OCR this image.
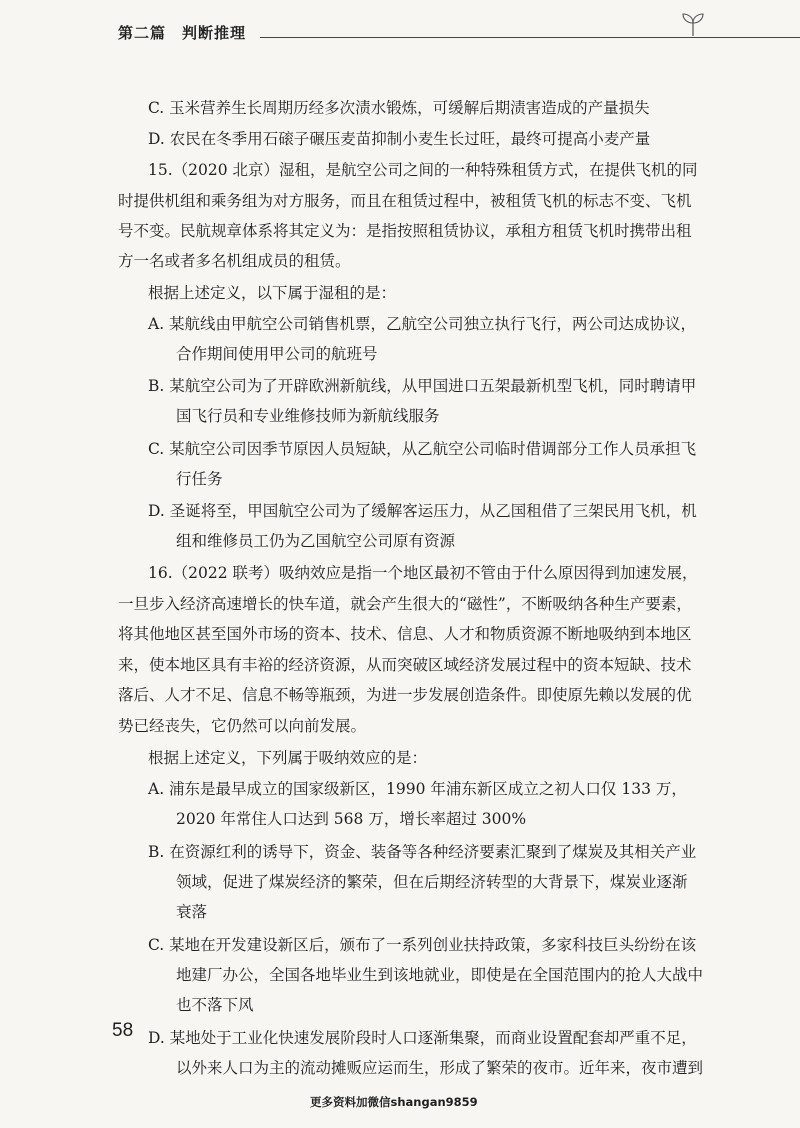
第二篇　判断推理
C. 玉米营养生长周期历经多次渍水锻炼，可缓解后期渍害造成的产量损失
D. 农民在冬季用石磙子碾压麦苗抑制小麦生长过旺，最终可提高小麦产量
15.（2020 北京）湿租，是航空公司之间的一种特殊租赁方式，在提供飞机的同
时提供机组和乘务组为对方服务，而且在租赁过程中，被租赁飞机的标志不变、飞机
号不变。民航规章体系将其定义为：是指按照租赁协议，承租方租赁飞机时携带出租
方一名或者多名机组成员的租赁。
根据上述定义，以下属于湿租的是：
A. 某航线由甲航空公司销售机票，乙航空公司独立执行飞行，两公司达成协议，
合作期间使用甲公司的航班号
B. 某航空公司为了开辟欧洲新航线，从甲国进口五架最新机型飞机，同时聘请甲
国飞行员和专业维修技师为新航线服务
C. 某航空公司因季节原因人员短缺，从乙航空公司临时借调部分工作人员承担飞
行任务
D. 圣诞将至，甲国航空公司为了缓解客运压力，从乙国租借了三架民用飞机，机
组和维修员工仍为乙国航空公司原有资源
16.（2022 联考）吸纳效应是指一个地区最初不管由于什么原因得到加速发展，
一旦步入经济高速增长的快车道，就会产生很大的“磁性”，不断吸纳各种生产要素，
将其他地区甚至国外市场的资本、技术、信息、人才和物质资源不断地吸纳到本地区
来，使本地区具有丰裕的经济资源，从而突破区域经济发展过程中的资本短缺、技术
落后、人才不足、信息不畅等瓶颈，为进一步发展创造条件。即使原先赖以发展的优
势已经丧失，它仍然可以向前发展。
根据上述定义，下列属于吸纳效应的是：
A. 浦东是最早成立的国家级新区，1990 年浦东新区成立之初人口仅 133 万，
2020 年常住人口达到 568 万，增长率超过 300%
B. 在资源红利的诱导下，资金、装备等各种经济要素汇聚到了煤炭及其相关产业
领域，促进了煤炭经济的繁荣，但在后期经济转型的大背景下，煤炭业逐渐
衰落
C. 某地在开发建设新区后，颁布了一系列创业扶持政策，多家科技巨头纷纷在该
地建厂办公，全国各地毕业生到该地就业，即使是在全国范围内的抢人大战中
也不落下风
D. 某地处于工业化快速发展阶段时人口逐渐集聚，而商业设置配套却严重不足，
以外来人口为主的流动摊贩应运而生，形成了繁荣的夜市。近年来，夜市遭到
58
更多资料加微信shangan9859
